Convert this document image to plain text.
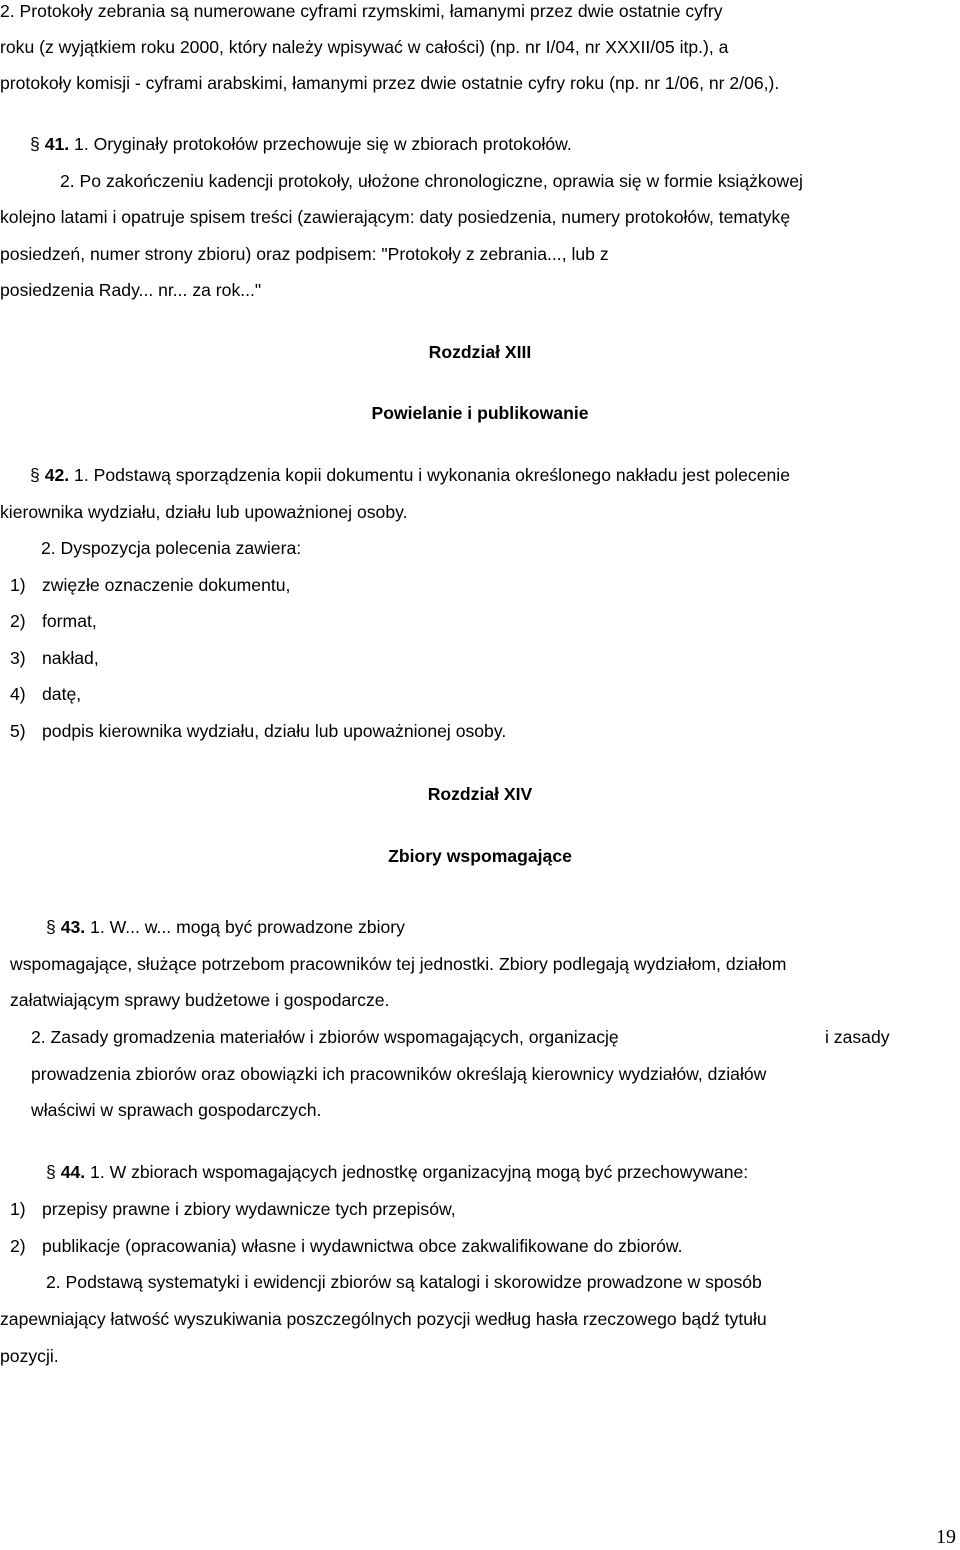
2. Protokoły zebrania są numerowane cyframi rzymskimi, łamanymi przez dwie ostatnie cyfry
roku (z wyjątkiem roku 2000, który należy wpisywać w całości) (np. nr I/04, nr XXXII/05 itp.), a
protokoły komisji - cyframi arabskimi, łamanymi przez dwie ostatnie cyfry roku (np. nr 1/06, nr 2/06,).
§ 41. 1. Oryginały protokołów przechowuje się w zbiorach protokołów.
2. Po zakończeniu kadencji protokoły, ułożone chronologiczne, oprawia się w formie książkowej
kolejno latami i opatruje spisem treści (zawierającym: daty posiedzenia, numery protokołów, tematykę
posiedzeń, numer strony zbioru) oraz podpisem: "Protokoły z zebrania..., lub z
posiedzenia Rady... nr... za rok..."
Rozdział XIII
Powielanie i publikowanie
§ 42. 1. Podstawą sporządzenia kopii dokumentu i wykonania określonego nakładu jest polecenie
kierownika wydziału, działu lub upoważnionej osoby.
2. Dyspozycja polecenia zawiera:
1) zwięzłe oznaczenie dokumentu,
2) format,
3) nakład,
4) datę,
5) podpis kierownika wydziału, działu lub upoważnionej osoby.
Rozdział XIV
Zbiory wspomagające
§ 43. 1. W... w... mogą być prowadzone zbiory
wspomagające, służące potrzebom pracowników tej jednostki. Zbiory podlegają wydziałom, działom
załatwiającym sprawy budżetowe i gospodarcze.
2. Zasady gromadzenia materiałów i zbiorów wspomagających, organizację	i zasady
prowadzenia zbiorów oraz obowiązki ich pracowników określają kierownicy wydziałów, działów
właściwi w sprawach gospodarczych.
§ 44. 1. W zbiorach wspomagających jednostkę organizacyjną mogą być przechowywane:
1) przepisy prawne i zbiory wydawnicze tych przepisów,
2) publikacje (opracowania) własne i wydawnictwa obce zakwalifikowane do zbiorów.
2. Podstawą systematyki i ewidencji zbiorów są katalogi i skorowidze prowadzone w sposób
zapewniający łatwość wyszukiwania poszczególnych pozycji według hasła rzeczowego bądź tytułu
pozycji.
19
